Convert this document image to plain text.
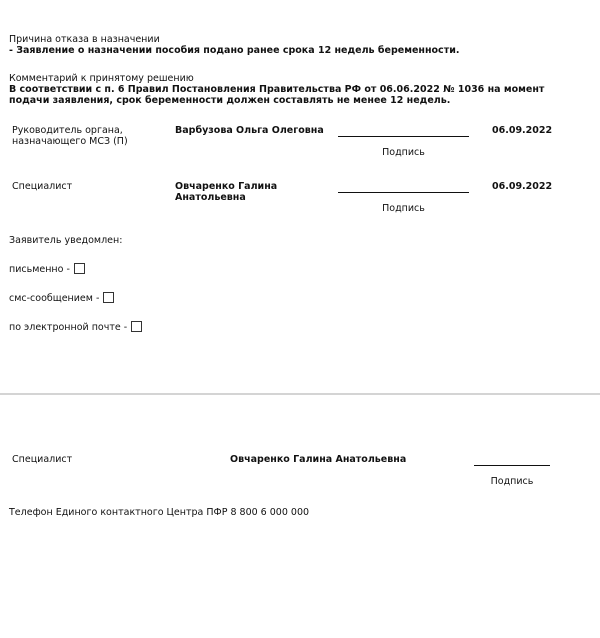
Причина отказа в назначении
- Заявление о назначении пособия подано ранее срока 12 недель беременности.
Комментарий к принятому решению
В соответствии с п. 6 Правил Постановления Правительства РФ от 06.06.2022 № 1036 на момент
подачи заявления, срок беременности должен составлять не менее 12 недель.
Руководитель органа,
назначающего МСЗ (П)
Варбузова Ольга Олеговна
Подпись
06.09.2022
Специалист	Овчаренко Галина
Анатольевна
Подпись
06.09.2022
Заявитель уведомлен:
письменно -
смс-сообщением -
по электронной почте -
Специалист	Овчаренко Галина Анатольевна
Подпись
Телефон Единого контактного Центра ПФР 8 800 6 000 000
